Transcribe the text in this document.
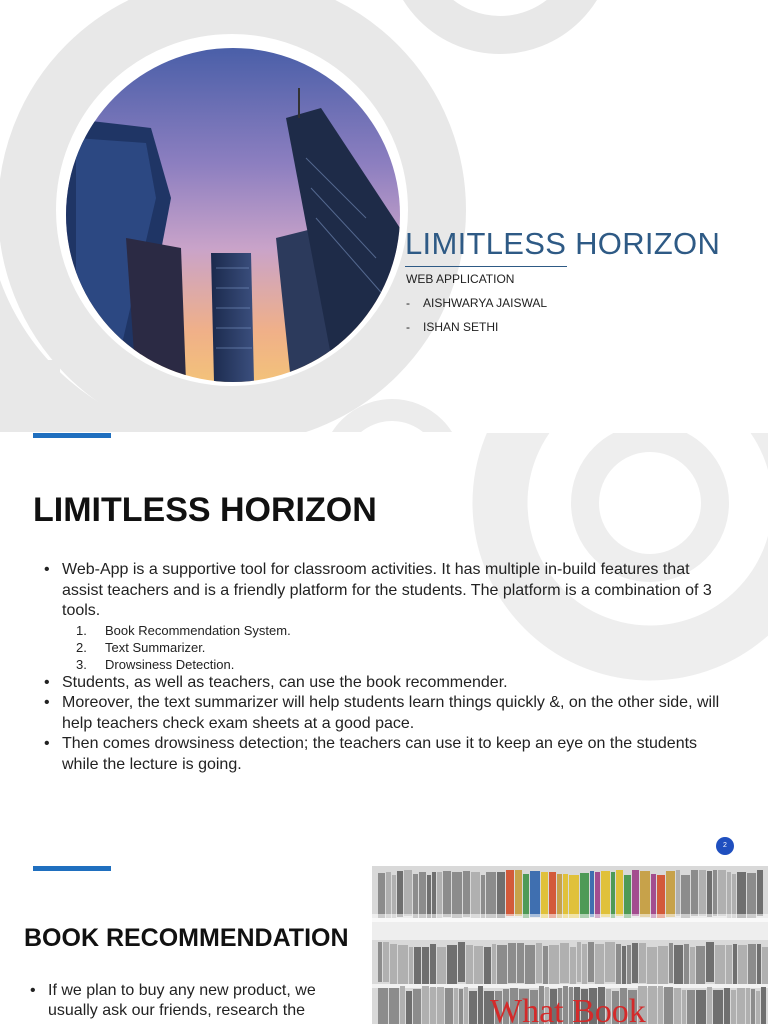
LIMITLESS HORIZON
WEB APPLICATION
- AISHWARYA JAISWAL
- ISHAN SETHI
LIMITLESS HORIZON
• Web-App is a supportive tool for classroom activities. It has multiple in-build features that assist teachers and is a friendly platform for the students. The platform is a combination of 3 tools.
1. Book Recommendation System.
2. Text Summarizer.
3. Drowsiness Detection.
• Students, as well as teachers, can use the book recommender.
• Moreover, the text summarizer will help students learn things quickly &, on the other side, will help teachers check exam sheets at a good pace.
• Then comes drowsiness detection; the teachers can use it to keep an eye on the students while the lecture is going.
2
BOOK RECOMMENDATION
• If we plan to buy any new product, we usually ask our friends, research the	What Book
